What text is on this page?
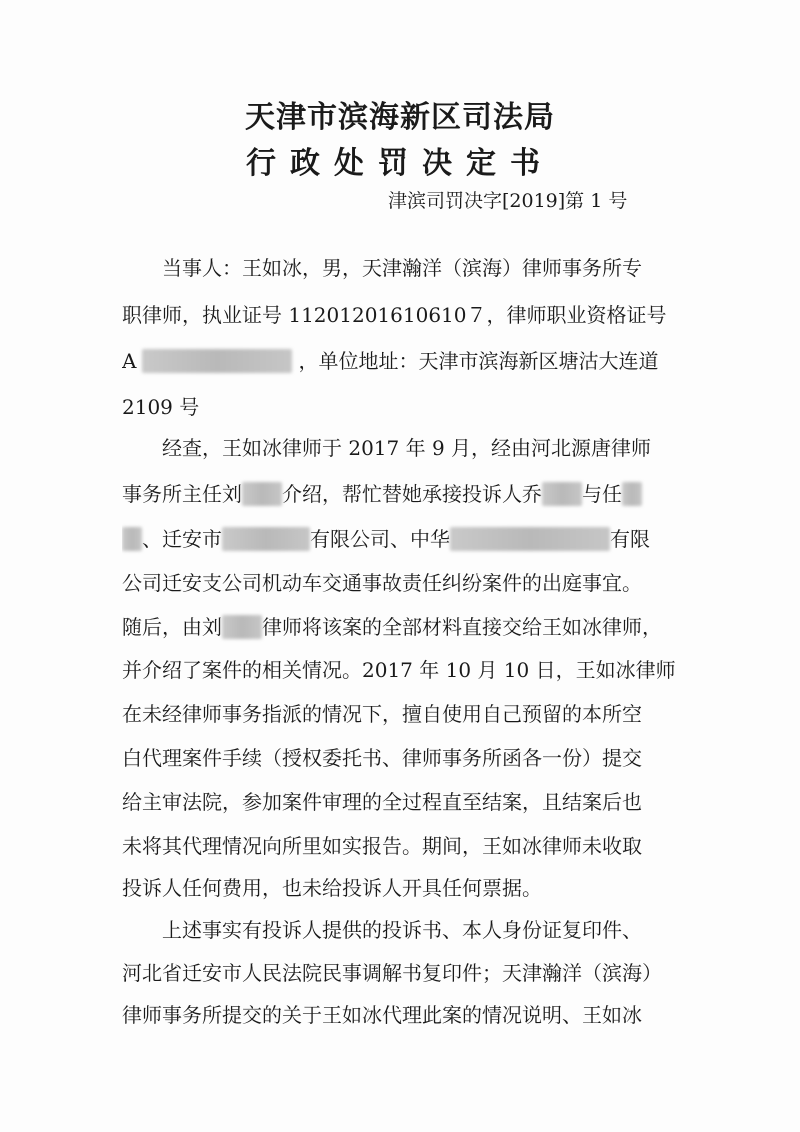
天津市滨海新区司法局
行政处罚决定书
津滨司罚决字[2019]第 1 号
当事人：王如冰，男，天津瀚洋（滨海）律师事务所专
职律师，执业证号 11201201610610７，律师职业资格证号
A	，单位地址：天津市滨海新区塘沽大连道
2109 号
经查，王如冰律师于 2017 年 9 月，经由河北源唐律师
事务所主任刘 介绍，帮忙替她承接投诉人乔 与任
、迁安市	有限公司、中华	有限
公司迁安支公司机动车交通事故责任纠纷案件的出庭事宜。
随后，由刘 律师将该案的全部材料直接交给王如冰律师，
并介绍了案件的相关情况。2017 年 10 月 10 日，王如冰律师
在未经律师事务指派的情况下，擅自使用自己预留的本所空
白代理案件手续（授权委托书、律师事务所函各一份）提交
给主审法院，参加案件审理的全过程直至结案，且结案后也
未将其代理情况向所里如实报告。期间，王如冰律师未收取
投诉人任何费用，也未给投诉人开具任何票据。
上述事实有投诉人提供的投诉书、本人身份证复印件、
河北省迁安市人民法院民事调解书复印件；天津瀚洋（滨海）
律师事务所提交的关于王如冰代理此案的情况说明、王如冰
